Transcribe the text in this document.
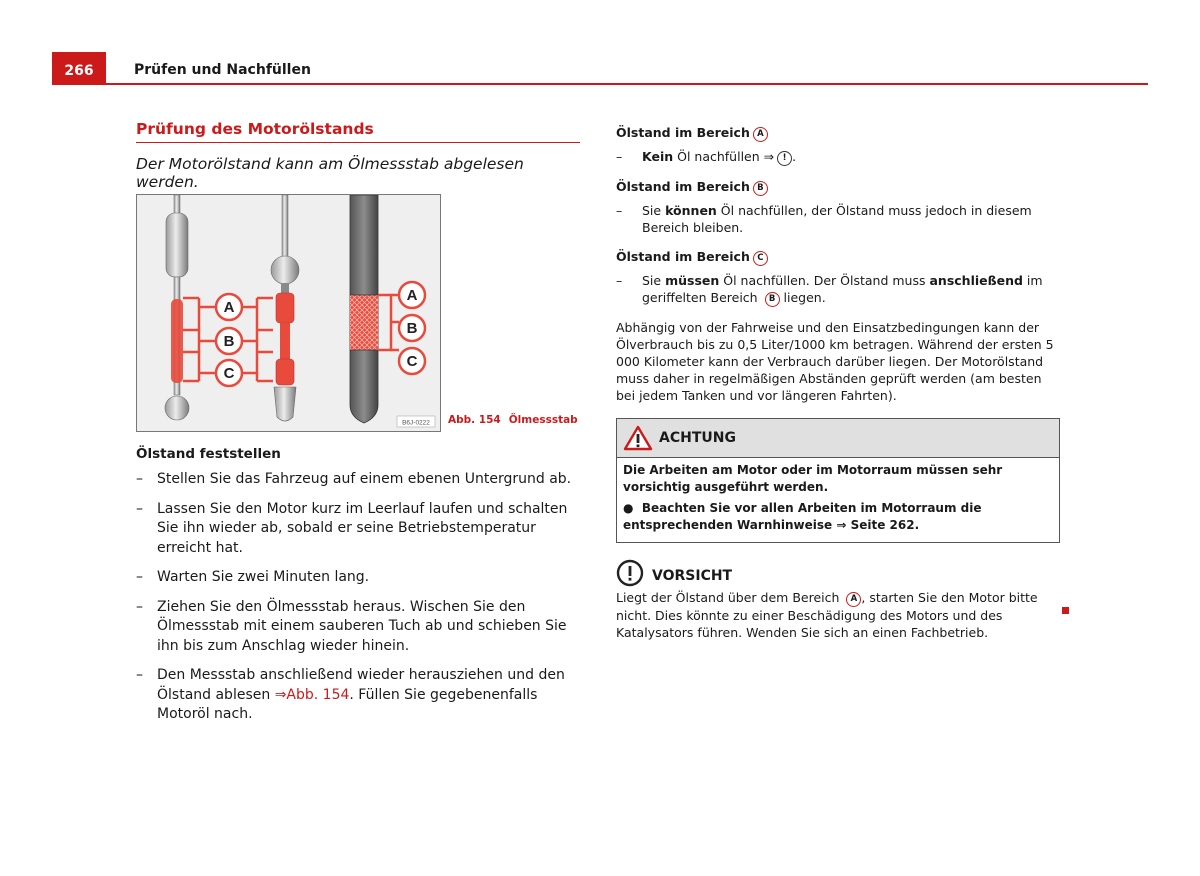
266	Prüfen und Nachfüllen
Prüfung des Motorölstands
Der Motorölstand kann am Ölmessstab abgelesen werden.
A
B
C
A
B
C
B6J-0222 Abb. 154 Ölmessstab
Ölstand feststellen
– Stellen Sie das Fahrzeug auf einem ebenen Untergrund ab.
– Lassen Sie den Motor kurz im Leerlauf laufen und schalten Sie ihn wieder ab, sobald er seine Betriebstemperatur erreicht hat.
– Warten Sie zwei Minuten lang.
– Ziehen Sie den Ölmessstab heraus. Wischen Sie den Ölmessstab mit einem sauberen Tuch ab und schieben Sie ihn bis zum Anschlag wieder hinein.
– Den Messstab anschließend wieder herausziehen und den Ölstand ablesen ⇒Abb. 154. Füllen Sie gegebenenfalls Motoröl nach.
Ölstand im Bereich A
– Kein Öl nachfüllen ⇒ ! .
Ölstand im Bereich B
– Sie können Öl nachfüllen, der Ölstand muss jedoch in diesem Bereich bleiben.
Ölstand im Bereich C
– Sie müssen Öl nachfüllen. Der Ölstand muss anschließend im geriffelten Bereich B liegen.
Abhängig von der Fahrweise und den Einsatzbedingungen kann der Ölverbrauch bis zu 0,5 Liter/1000 km betragen. Während der ersten 5 000 Kilometer kann der Verbrauch darüber liegen. Der Motorölstand muss daher in regelmäßigen Abständen geprüft werden (am besten bei jedem Tanken und vor längeren Fahrten).
ACHTUNG

Die Arbeiten am Motor oder im Motorraum müssen sehr vorsichtig ausgeführt werden.

● Beachten Sie vor allen Arbeiten im Motorraum die entsprechenden Warnhinweise ⇒ Seite 262.

VORSICHT
Liegt der Ölstand über dem Bereich A , starten Sie den Motor bitte nicht. Dies könnte zu einer Beschädigung des Motors und des Katalysators führen. Wenden Sie sich an einen Fachbetrieb.
